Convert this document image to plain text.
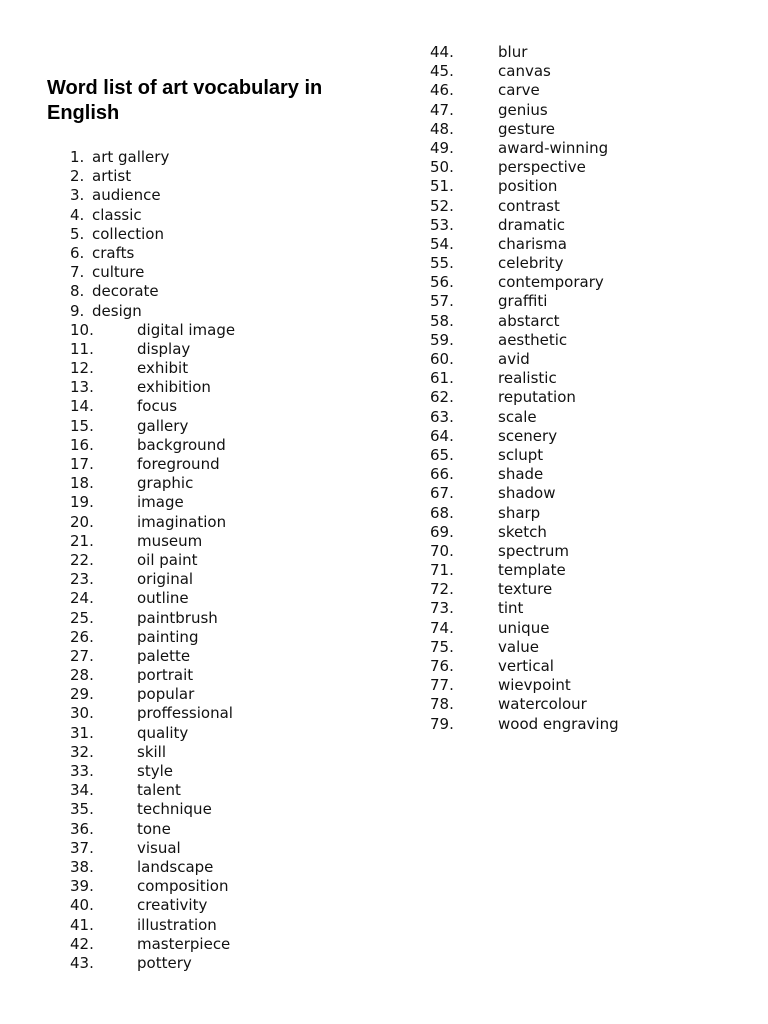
Word list of art vocabulary in English
1. art gallery
2. artist
3. audience
4. classic
5. collection
6. crafts
7. culture
8. decorate
9. design
10.	digital image
11.	display
12.	exhibit
13.	exhibition
14.	focus
15.	gallery
16.	background
17.	foreground
18.	graphic
19.	image
20.	imagination
21.	museum
22.	oil paint
23.	original
24.	outline
25.	paintbrush
26.	painting
27.	palette
28.	portrait
29.	popular
30.	proffessional
31.	quality
32.	skill
33.	style
34.	talent
35.	technique
36.	tone
37.	visual
38.	landscape
39.	composition
40.	creativity
41.	illustration
42.	masterpiece
43.	pottery
44.	blur
45.	canvas
46.	carve
47.	genius
48.	gesture
49.	award-winning
50.	perspective
51.	position
52.	contrast
53.	dramatic
54.	charisma
55.	celebrity
56.	contemporary
57.	graffiti
58.	abstarct
59.	aesthetic
60.	avid
61.	realistic
62.	reputation
63.	scale
64.	scenery
65.	sclupt
66.	shade
67.	shadow
68.	sharp
69.	sketch
70.	spectrum
71.	template
72.	texture
73.	tint
74.	unique
75.	value
76.	vertical
77.	wievpoint
78.	watercolour
79.	wood engraving
